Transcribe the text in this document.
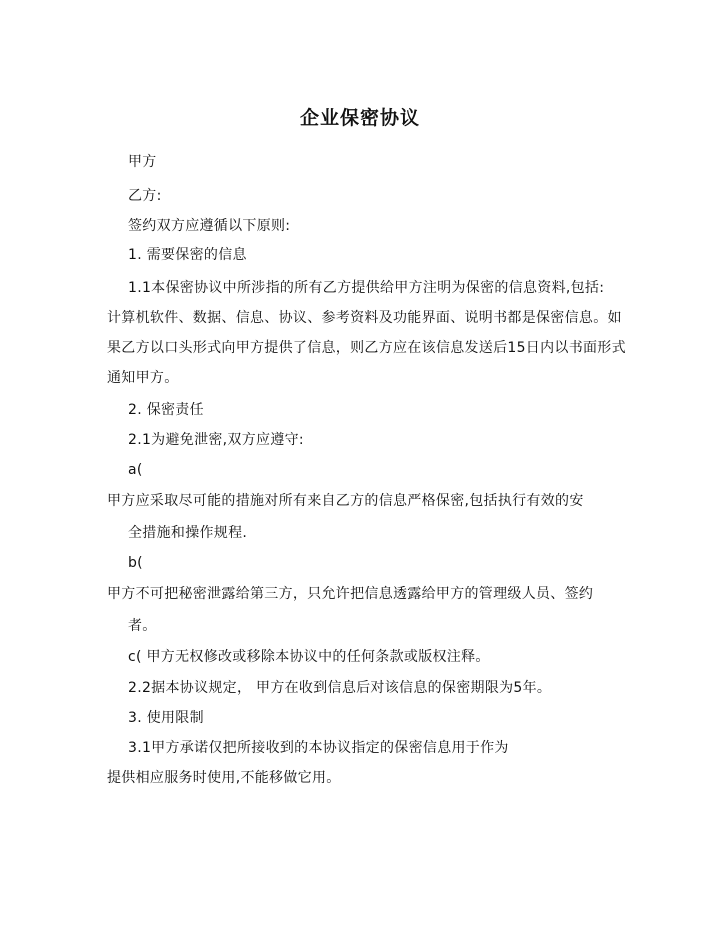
企业保密协议
甲方
乙方:
签约双方应遵循以下原则:
1. 需要保密的信息
1.1本保密协议中所涉指的所有乙方提供给甲方注明为保密的信息资料,包括:
计算机软件、数据、信息、协议、参考资料及功能界面、说明书都是保密信息。如
果乙方以口头形式向甲方提供了信息，则乙方应在该信息发送后15日内以书面形式
通知甲方。
2. 保密责任
2.1为避免泄密,双方应遵守:
a(
甲方应采取尽可能的措施对所有来自乙方的信息严格保密,包括执行有效的安
全措施和操作规程.
b(
甲方不可把秘密泄露给第三方，只允许把信息透露给甲方的管理级人员、签约
者。
c( 甲方无权修改或移除本协议中的任何条款或版权注释。
2.2据本协议规定， 甲方在收到信息后对该信息的保密期限为5年。
3. 使用限制
3.1甲方承诺仅把所接收到的本协议指定的保密信息用于作为
提供相应服务时使用,不能移做它用。
